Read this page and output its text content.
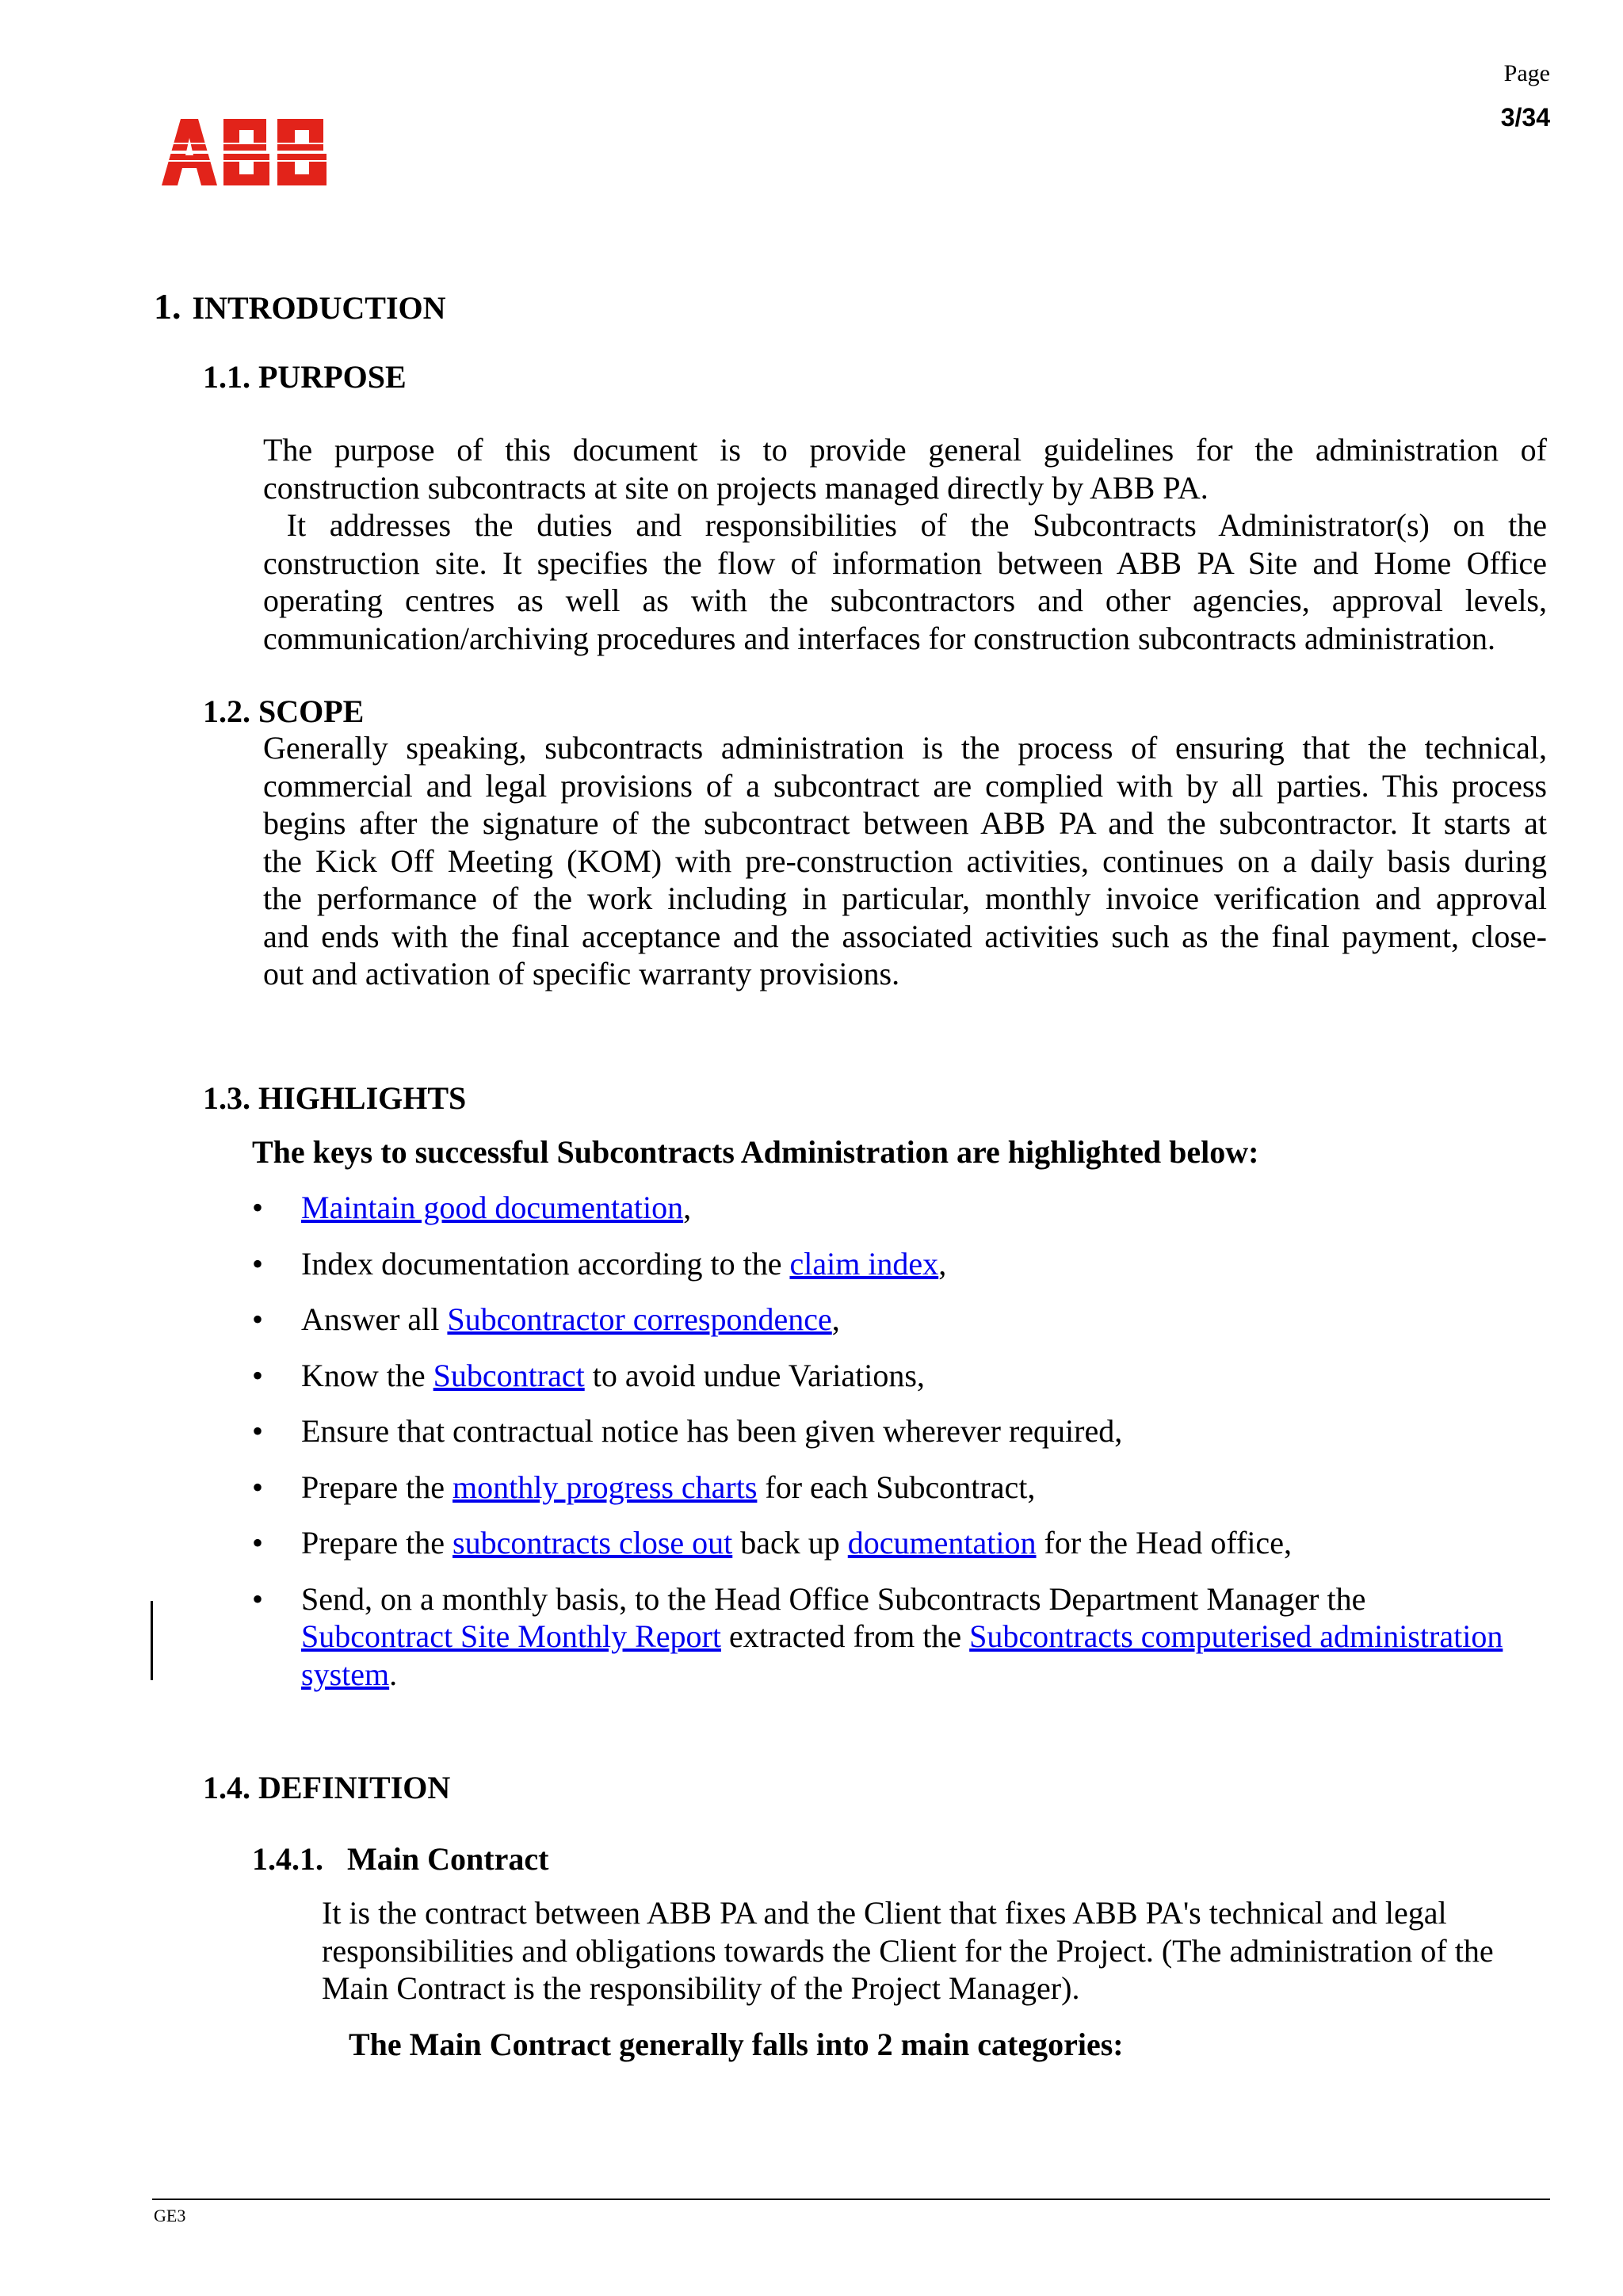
Page
3/34
1. INTRODUCTION
1.1. PURPOSE
The purpose of this document is to provide general guidelines for the administration of
construction subcontracts at site on projects managed directly by ABB PA.
It addresses the duties and responsibilities of the Subcontracts Administrator(s) on the
construction site. It specifies the flow of information between ABB PA Site and Home Office
operating centres as well as with the subcontractors and other agencies, approval levels,
communication/archiving procedures and interfaces for construction subcontracts administration.
1.2. SCOPE
Generally speaking, subcontracts administration is the process of ensuring that the technical,
commercial and legal provisions of a subcontract are complied with by all parties. This process
begins after the signature of the subcontract between ABB PA and the subcontractor. It starts at
the Kick Off Meeting (KOM) with pre-construction activities, continues on a daily basis during
the performance of the work including in particular, monthly invoice verification and approval
and ends with the final acceptance and the associated activities such as the final payment, close-
out and activation of specific warranty provisions.
1.3. HIGHLIGHTS
The keys to successful Subcontracts Administration are highlighted below:
• Maintain good documentation,
• Index documentation according to the claim index,
• Answer all Subcontractor correspondence,
• Know the Subcontract to avoid undue Variations,
• Ensure that contractual notice has been given wherever required,
• Prepare the monthly progress charts for each Subcontract,
• Prepare the subcontracts close out back up documentation for the Head office,
• Send, on a monthly basis, to the Head Office Subcontracts Department Manager the
Subcontract Site Monthly Report extracted from the Subcontracts computerised administration
system.
1.4. DEFINITION
1.4.1.   Main Contract
It is the contract between ABB PA and the Client that fixes ABB PA's technical and legal
responsibilities and obligations towards the Client for the Project. (The administration of the
Main Contract is the responsibility of the Project Manager).
The Main Contract generally falls into 2 main categories:
GE3
